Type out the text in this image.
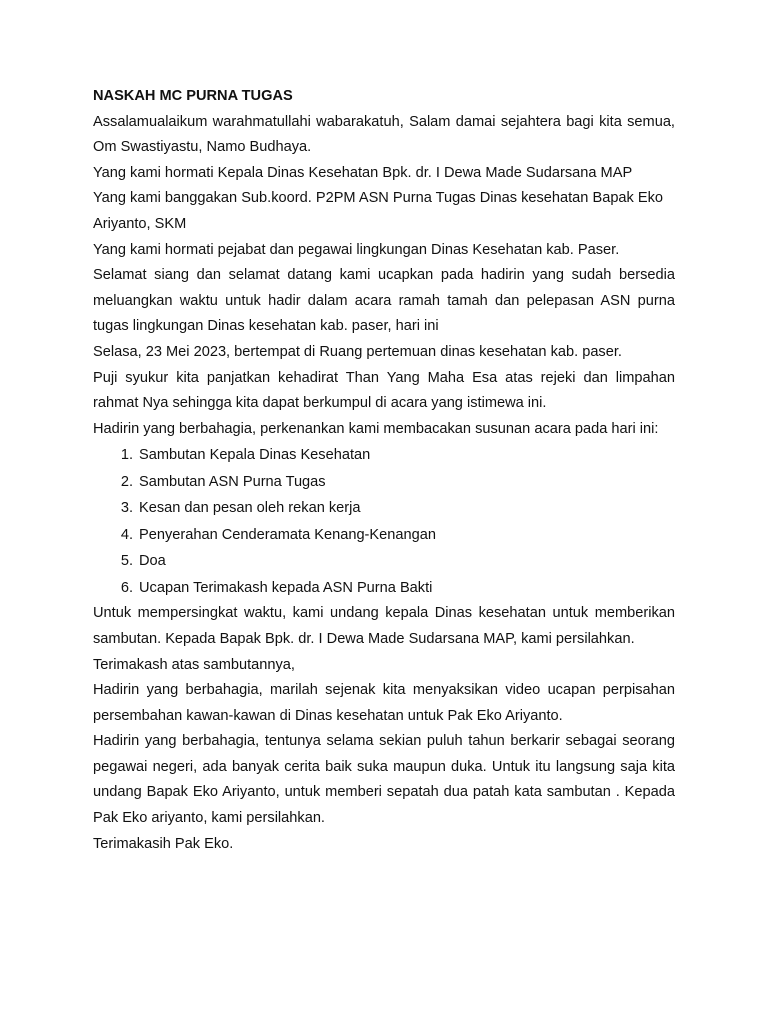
NASKAH MC PURNA TUGAS

Assalamualaikum warahmatullahi wabarakatuh, Salam damai sejahtera bagi kita semua, Om Swastiyastu, Namo Budhaya.

Yang kami hormati Kepala Dinas Kesehatan Bpk. dr. I Dewa Made Sudarsana MAP

Yang kami banggakan Sub.koord. P2PM ASN Purna Tugas Dinas kesehatan Bapak Eko Ariyanto, SKM

Yang kami hormati pejabat dan pegawai lingkungan Dinas Kesehatan kab. Paser.

Selamat siang dan selamat datang kami ucapkan pada hadirin yang sudah bersedia meluangkan waktu untuk hadir dalam acara ramah tamah dan pelepasan ASN purna tugas lingkungan Dinas kesehatan kab. paser, hari ini

Selasa, 23 Mei 2023, bertempat di Ruang pertemuan dinas kesehatan kab. paser.

Puji syukur kita panjatkan kehadirat Than Yang Maha Esa atas rejeki dan limpahan rahmat Nya sehingga kita dapat berkumpul di acara yang istimewa ini.

Hadirin yang berbahagia, perkenankan kami membacakan susunan acara pada hari ini:

1. Sambutan Kepala Dinas Kesehatan
2. Sambutan ASN Purna Tugas
3. Kesan dan pesan oleh rekan kerja
4. Penyerahan Cenderamata Kenang-Kenangan
5. Doa
6. Ucapan Terimakash kepada ASN Purna Bakti

Untuk mempersingkat waktu, kami undang kepala Dinas kesehatan untuk memberikan sambutan. Kepada Bapak Bpk. dr. I Dewa Made Sudarsana MAP, kami persilahkan.

Terimakash atas sambutannya,

Hadirin yang berbahagia, marilah sejenak kita menyaksikan video ucapan perpisahan persembahan kawan-kawan di Dinas kesehatan untuk Pak Eko Ariyanto.

Hadirin yang berbahagia, tentunya selama sekian puluh tahun berkarir sebagai seorang pegawai negeri, ada banyak cerita baik suka maupun duka. Untuk itu langsung saja kita undang Bapak Eko Ariyanto, untuk memberi sepatah dua patah kata sambutan . Kepada Pak Eko ariyanto, kami persilahkan.

Terimakasih Pak Eko.
